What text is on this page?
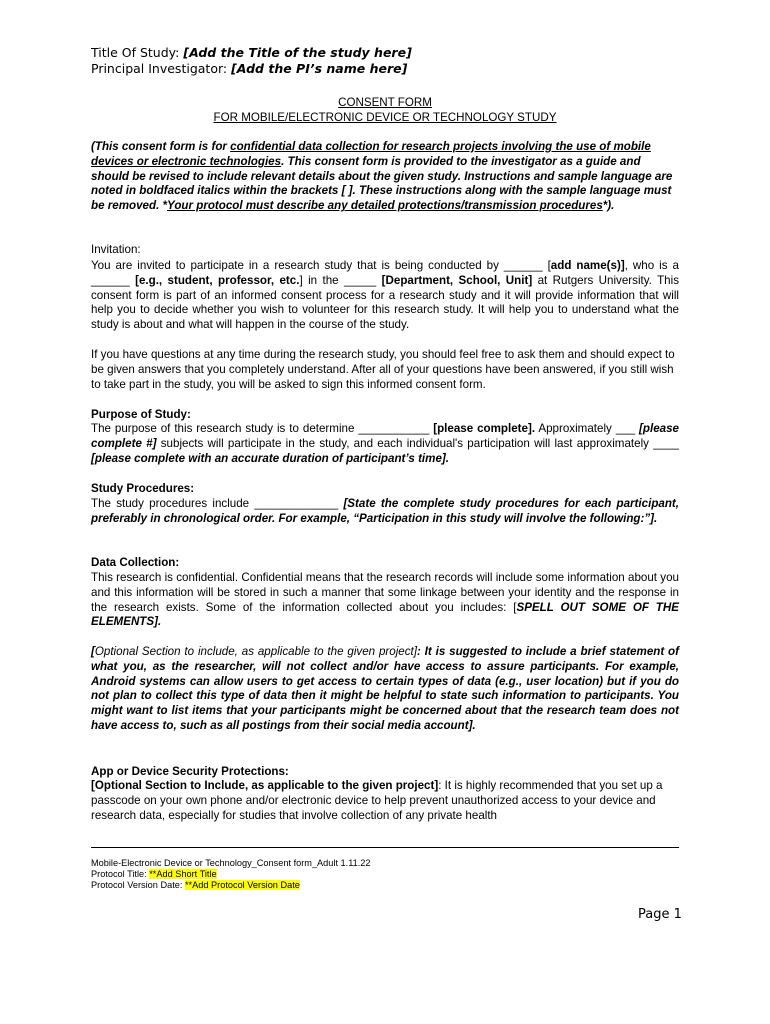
Title Of Study: [Add the Title of the study here]
Principal Investigator: [Add the PI’s name here]
CONSENT FORM
FOR MOBILE/ELECTRONIC DEVICE OR TECHNOLOGY STUDY
(This consent form is for confidential data collection for research projects involving the use of mobile devices or electronic technologies. This consent form is provided to the investigator as a guide and should be revised to include relevant details about the given study. Instructions and sample language are noted in boldfaced italics within the brackets [ ]. These instructions along with the sample language must be removed. *Your protocol must describe any detailed protections/transmission procedures*).
Invitation:
You are invited to participate in a research study that is being conducted by ______ [add name(s)], who is a ______ [e.g., student, professor, etc.] in the _____ [Department, School, Unit] at Rutgers University. This consent form is part of an informed consent process for a research study and it will provide information that will help you to decide whether you wish to volunteer for this research study. It will help you to understand what the study is about and what will happen in the course of the study.
If you have questions at any time during the research study, you should feel free to ask them and should expect to be given answers that you completely understand. After all of your questions have been answered, if you still wish to take part in the study, you will be asked to sign this informed consent form.
Purpose of Study:
The purpose of this research study is to determine ___________ [please complete]. Approximately ___ [please complete #] subjects will participate in the study, and each individual's participation will last approximately ____ [please complete with an accurate duration of participant’s time].
Study Procedures:
The study procedures include _____________ [State the complete study procedures for each participant, preferably in chronological order. For example, “Participation in this study will involve the following:”].
Data Collection:
This research is confidential. Confidential means that the research records will include some information about you and this information will be stored in such a manner that some linkage between your identity and the response in the research exists. Some of the information collected about you includes: [SPELL OUT SOME OF THE ELEMENTS].
[Optional Section to include, as applicable to the given project]: It is suggested to include a brief statement of what you, as the researcher, will not collect and/or have access to assure participants. For example, Android systems can allow users to get access to certain types of data (e.g., user location) but if you do not plan to collect this type of data then it might be helpful to state such information to participants. You might want to list items that your participants might be concerned about that the research team does not have access to, such as all postings from their social media account].
App or Device Security Protections:
[Optional Section to Include, as applicable to the given project]: It is highly recommended that you set up a passcode on your own phone and/or electronic device to help prevent unauthorized access to your device and research data, especially for studies that involve collection of any private health
Mobile-Electronic Device or Technology_Consent form_Adult 1.11.22
Protocol Title: **Add Short Title
Protocol Version Date: **Add Protocol Version Date
Page 1
